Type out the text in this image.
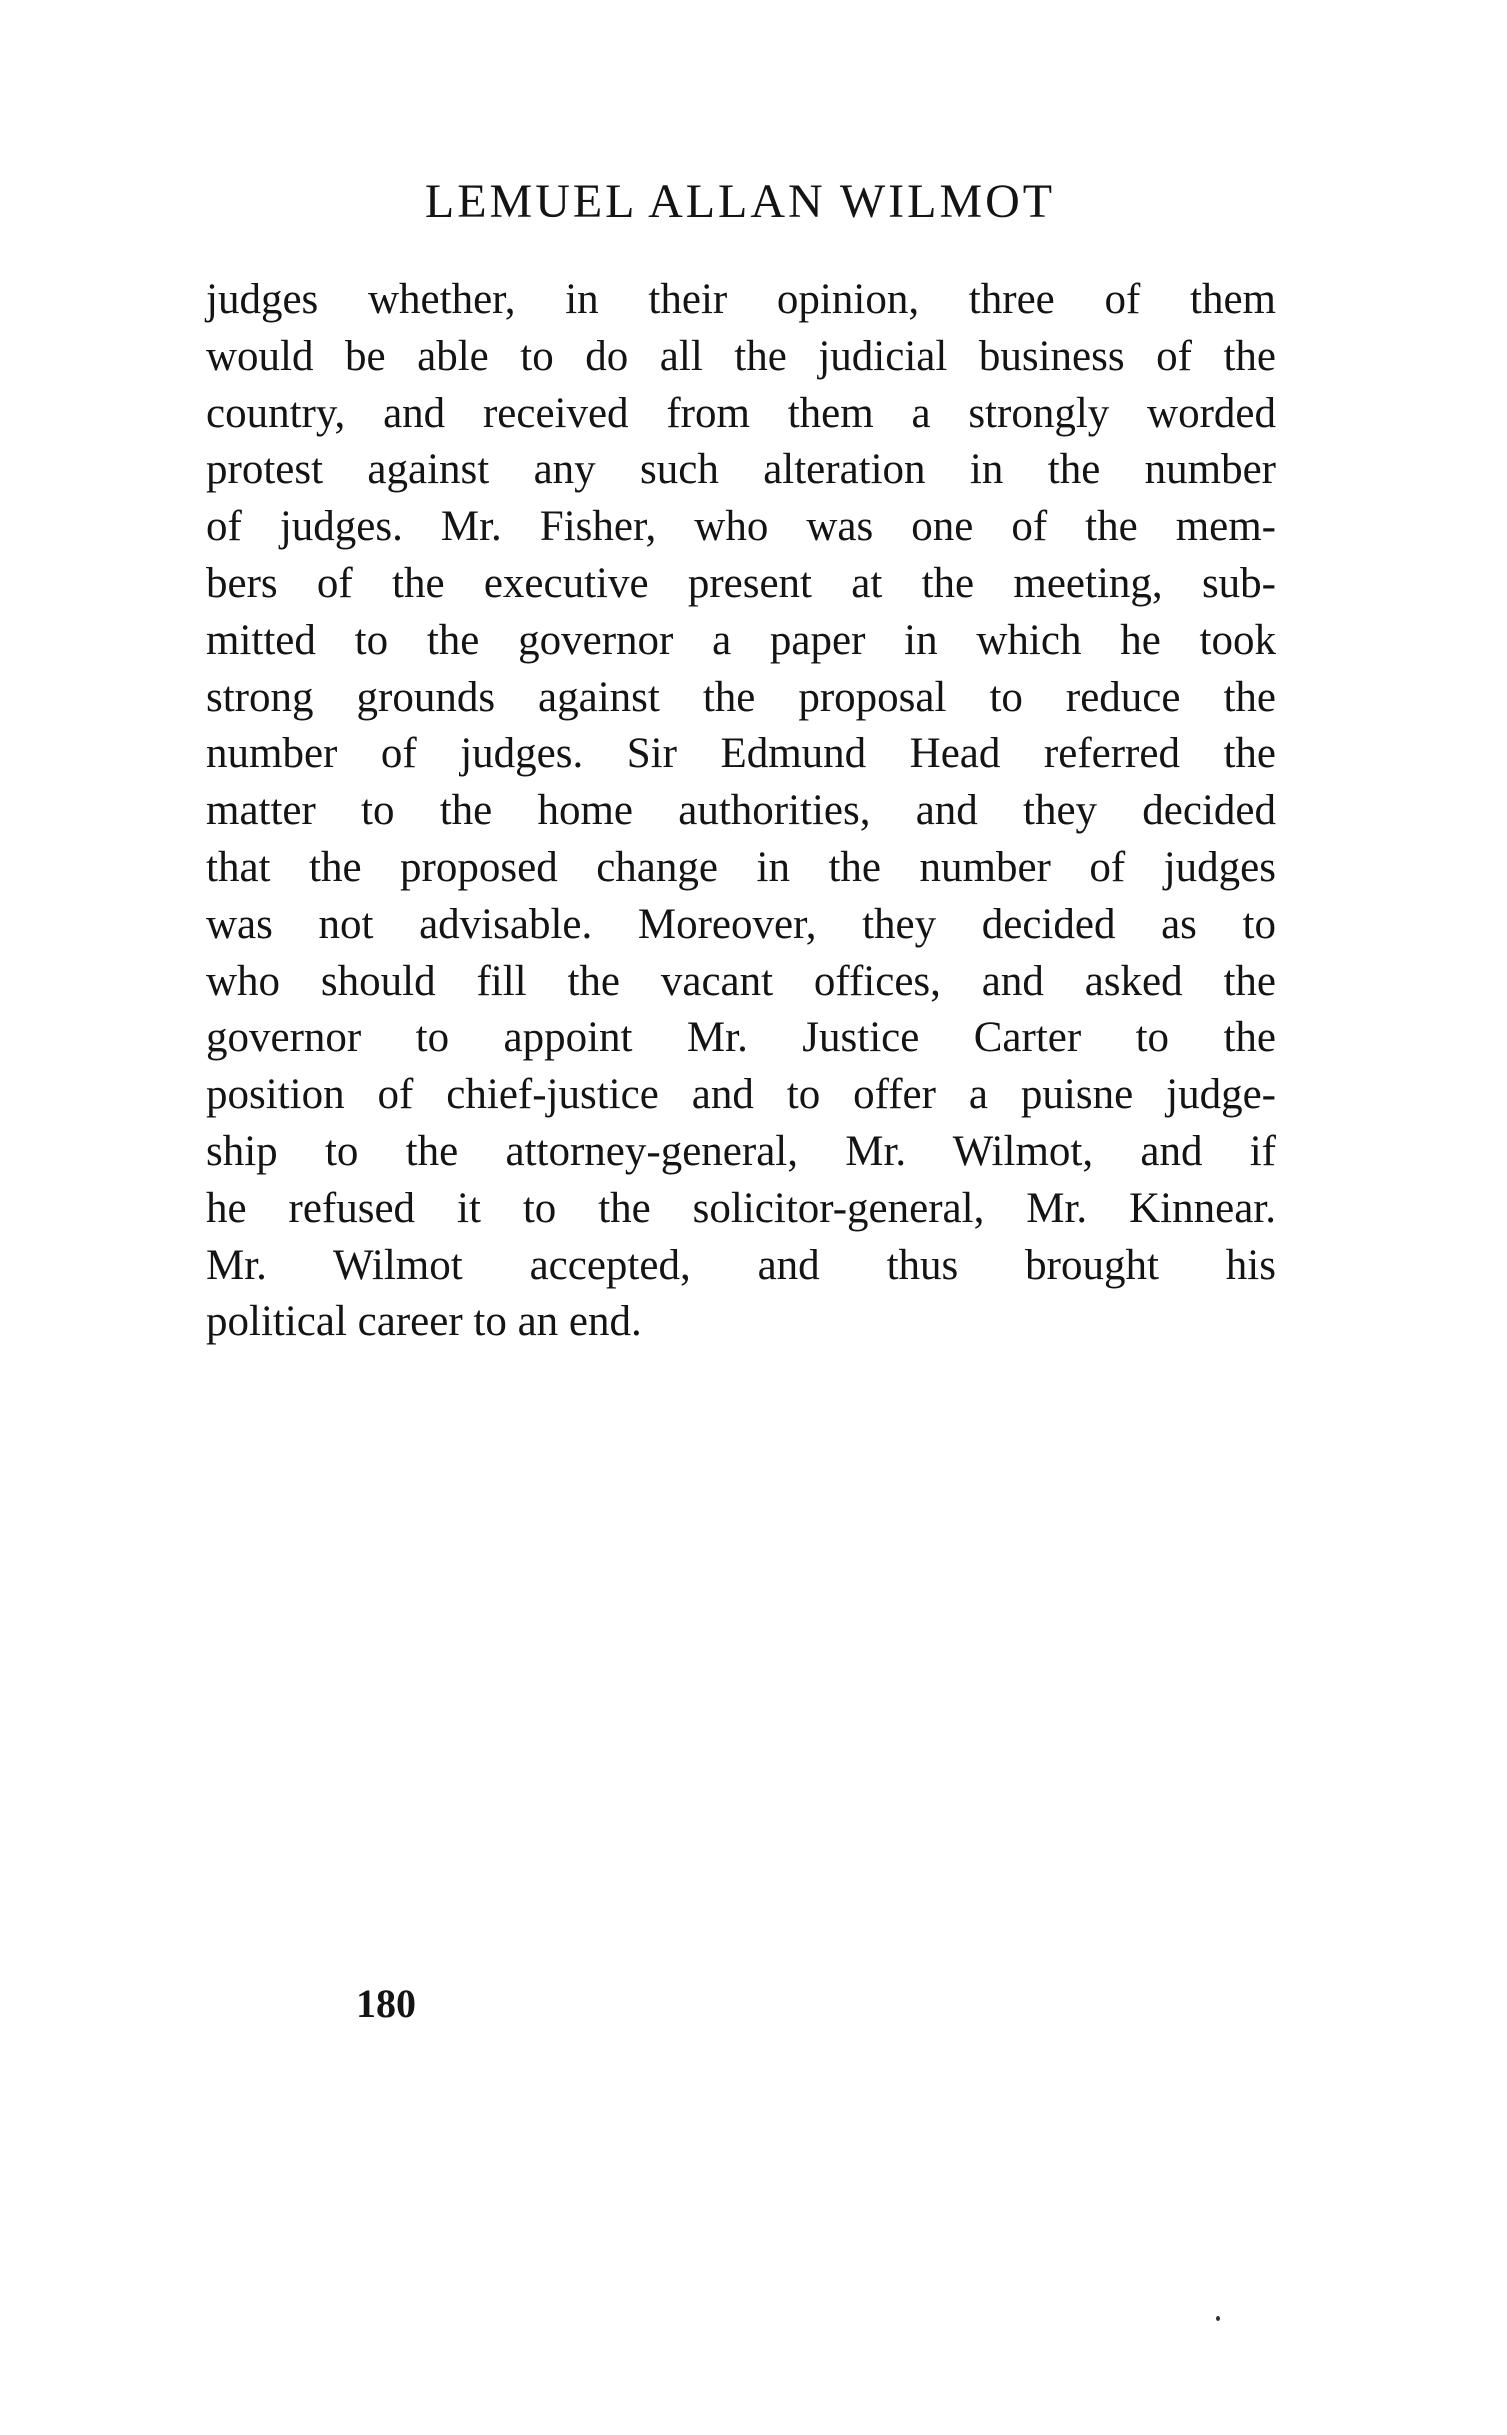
LEMUEL ALLAN WILMOT
judges whether, in their opinion, three of them
would be able to do all the judicial business of the
country, and received from them a strongly worded
protest against any such alteration in the number
of judges. Mr. Fisher, who was one of the mem-
bers of the executive present at the meeting, sub-
mitted to the governor a paper in which he took
strong grounds against the proposal to reduce the
number of judges. Sir Edmund Head referred the
matter to the home authorities, and they decided
that the proposed change in the number of judges
was not advisable. Moreover, they decided as to
who should fill the vacant offices, and asked the
governor to appoint Mr. Justice Carter to the
position of chief-justice and to offer a puisne judge-
ship to the attorney-general, Mr. Wilmot, and if
he refused it to the solicitor-general, Mr. Kinnear.
Mr. Wilmot accepted, and thus brought his
political career to an end.

180
